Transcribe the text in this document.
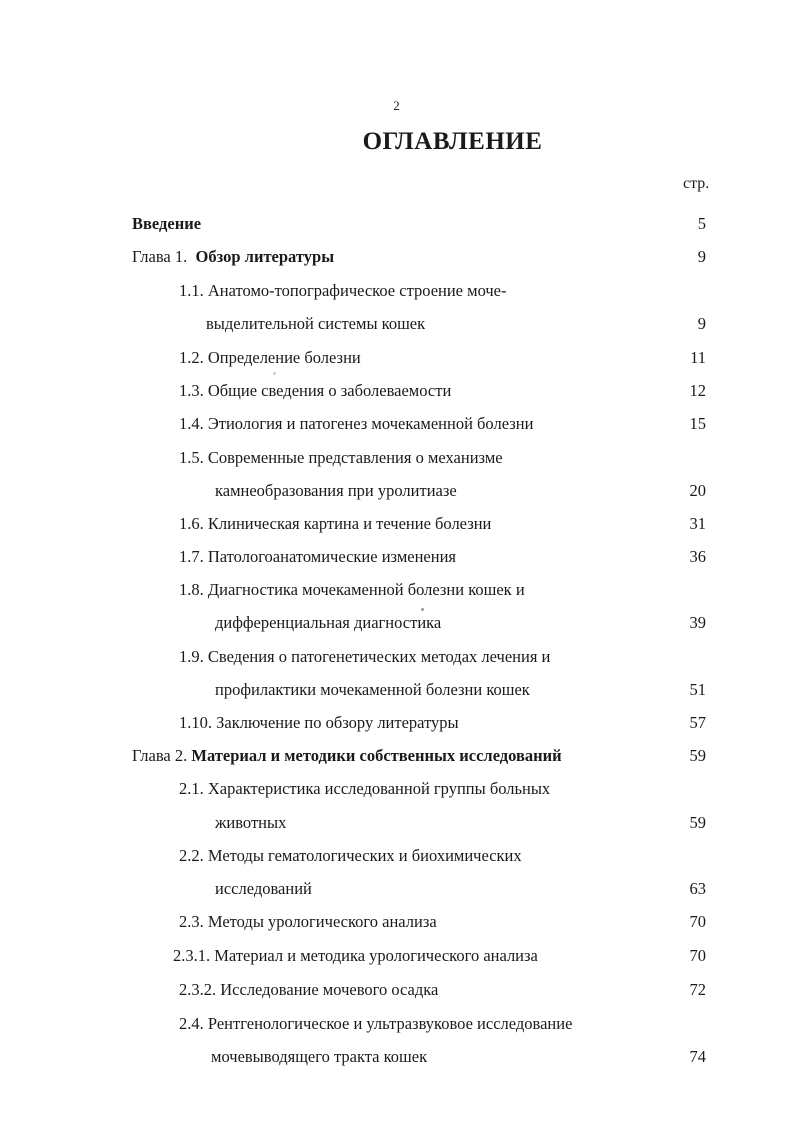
2
ОГЛАВЛЕНИЕ
стр.
Введение	5
Глава 1. Обзор литературы	9
1.1. Анатомо-топографическое строение моче-
выделительной системы кошек	9
1.2. Определение болезни	11
1.3. Общие сведения о заболеваемости	12
1.4. Этиология и патогенез мочекаменной болезни	15
1.5. Современные представления о механизме
камнеобразования при уролитиазе	20
1.6. Клиническая картина и течение болезни	31
1.7. Патологоанатомические изменения	36
1.8. Диагностика мочекаменной болезни кошек и
дифференциальная диагностика	39
1.9. Сведения о патогенетических методах лечения и
профилактики мочекаменной болезни кошек	51
1.10. Заключение по обзору литературы	57
Глава 2. Материал и методики собственных исследований	59
2.1. Характеристика исследованной группы больных
животных	59
2.2. Методы гематологических и биохимических
исследований	63
2.3. Методы урологического анализа	70
2.3.1. Материал и методика урологического анализа	70
2.3.2. Исследование мочевого осадка	72
2.4. Рентгенологическое и ультразвуковое исследование
мочевыводящего тракта кошек	74
